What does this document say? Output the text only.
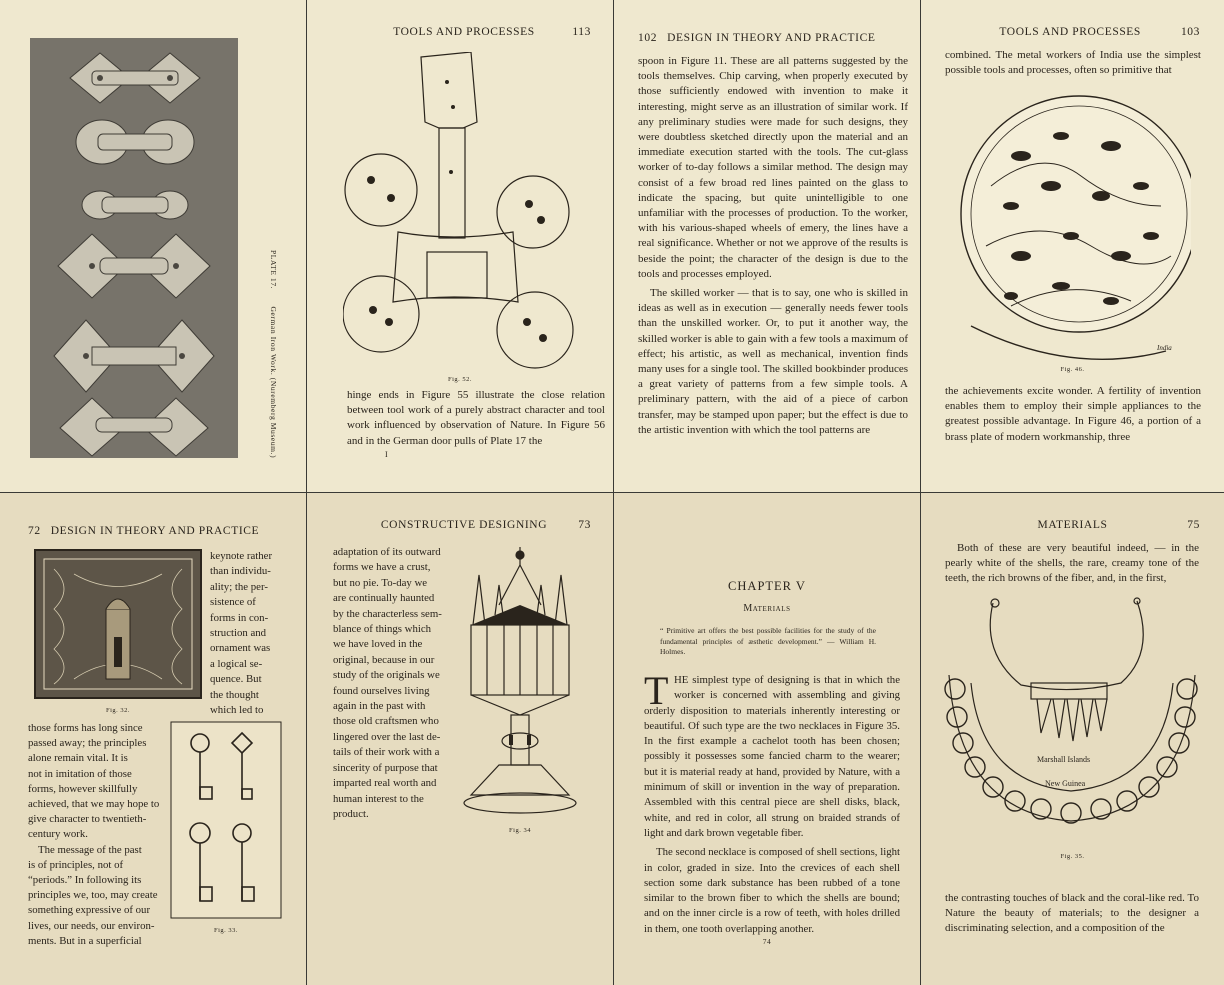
PLATE 17.       German Iron Work. (Nuremberg Museum.)
TOOLS AND PROCESSES	113
Fig. 52.

hinge ends in Figure 55 illustrate the close relation between tool work of a purely abstract character and tool work influenced by observation of Nature. In Figure 56 and in the German door pulls of Plate 17 the

I
102 DESIGN IN THEORY AND PRACTICE

spoon in Figure 11. These are all patterns suggested by the tools themselves. Chip carving, when properly executed by those sufficiently endowed with invention to make it interesting, might serve as an illustration of similar work. If any preliminary studies were made for such designs, they were doubtless sketched directly upon the material and an immediate execution started with the tools. The cut-glass worker of to-day follows a similar method. The design may consist of a few broad red lines painted on the glass to indicate the spacing, but quite unintelligible to one unfamiliar with the processes of production. To the worker, with his various-shaped wheels of emery, the lines have a real significance. Whether or not we approve of the results is beside the point; the character of the design is due to the tools and processes employed.

The skilled worker — that is to say, one who is skilled in ideas as well as in execution — generally needs fewer tools than the unskilled worker. Or, to put it another way, the skilled worker is able to gain with a few tools a maximum of effect; his artistic, as well as mechanical, invention finds many uses for a single tool. The skilled bookbinder produces a great variety of patterns from a few simple tools. A preliminary pattern, with the aid of a piece of carbon transfer, may be stamped upon paper; but the effect is due to the artistic invention with which the tool patterns are

TOOLS AND PROCESSES	103

combined. The metal workers of India use the simplest possible tools and processes, often so primitive that

India
Fig. 46.

the achievements excite wonder. A fertility of invention enables them to employ their simple appliances to the greatest possible advantage. In Figure 46, a portion of a brass plate of modern workmanship, three

72 DESIGN IN THEORY AND PRACTICE
keynote rather
than individu-
ality; the per-
sistence of
forms in con-
struction and
ornament was
a logical se-
quence. But
the thought
which led to
Fig. 32.
those forms has long since
passed away; the principles
alone remain vital. It is
not in imitation of those
forms, however skillfully
achieved, that we may hope to
give character to twentieth-
century work.
The message of the past
is of principles, not of
“periods.” In following its
principles we, too, may create
something expressive of our
lives, our needs, our environ-
ments. But in a superficial
Fig. 33.
CONSTRUCTIVE DESIGNING	73
adaptation of its outward
forms we have a crust,
but no pie. To-day we
are continually haunted
by the characterless sem-
blance of things which
we have loved in the
original, because in our
study of the originals we
found ourselves living
again in the past with
those old craftsmen who
lingered over the last de-
tails of their work with a
sincerity of purpose that
imparted real worth and
human interest to the
product.
Fig. 34
CHAPTER V
Materials
“ Primitive art offers the best possible facilities for the study of the fundamental principles of æsthetic development.” — William H. Holmes.
T HE simplest type of designing is that in which the worker is concerned with assembling and giving orderly disposition to materials inherently interesting or beautiful. Of such type are the two necklaces in Figure 35. In the first example a cachelot tooth has been chosen; possibly it possesses some fancied charm to the wearer; but it is material ready at hand, provided by Nature, with a minimum of skill or invention in the way of preparation. Assembled with this central piece are shell disks, black, white, and red in color, all strung on braided strands of light and dark brown vegetable fiber.

The second necklace is composed of shell sections, light in color, graded in size. Into the crevices of each shell section some dark substance has been rubbed of a tone similar to the brown fiber to which the shells are bound; and on the inner circle is a row of teeth, with holes drilled in them, one tooth overlapping another.

74
MATERIALS	75

Both of these are very beautiful indeed, — in the pearly white of the shells, the rare, creamy tone of the teeth, the rich browns of the fiber, and, in the first,

Marshall Islands
New Guinea
Fig. 35.

the contrasting touches of black and the coral-like red. To Nature the beauty of materials; to the designer a discriminating selection, and a composition of the
